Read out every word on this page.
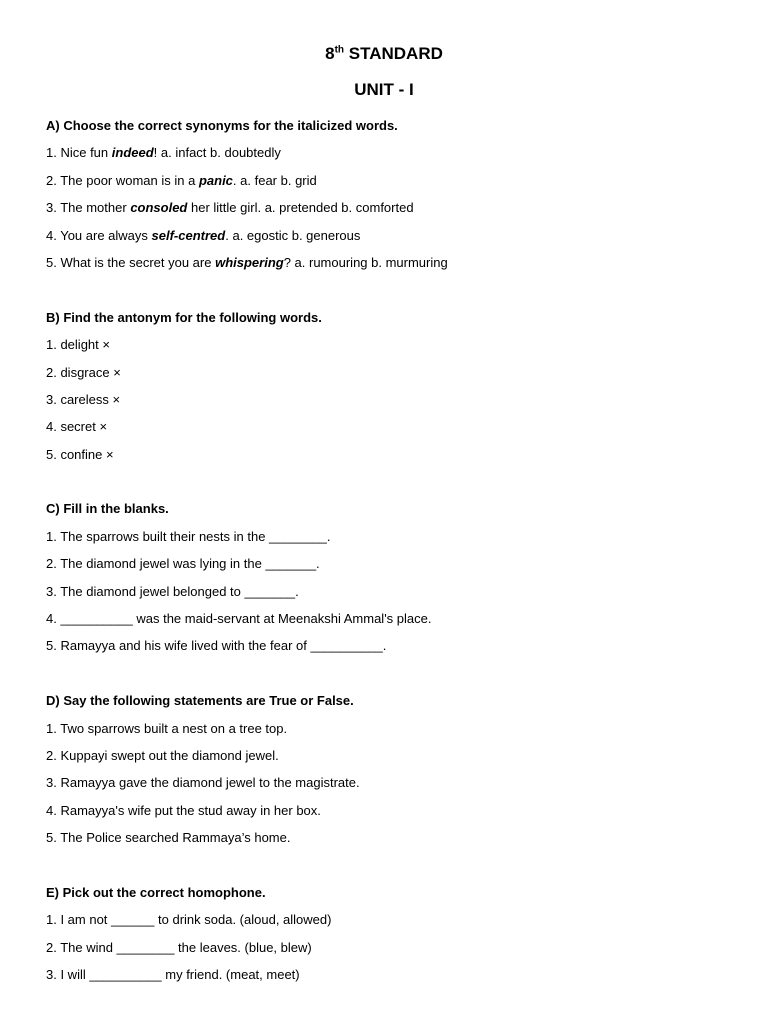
8th STANDARD
UNIT - I

A) Choose the correct synonyms for the italicized words.

1. Nice fun indeed! a. infact b. doubtedly

2. The poor woman is in a panic. a. fear b. grid

3. The mother consoled her little girl. a. pretended b. comforted

4. You are always self-centred. a. egostic b. generous

5. What is the secret you are whispering? a. rumouring b. murmuring

B) Find the antonym for the following words.

1. delight ×

2. disgrace ×

3. careless ×

4. secret ×

5. confine ×

C) Fill in the blanks.

1. The sparrows built their nests in the ________.

2. The diamond jewel was lying in the _______.

3. The diamond jewel belonged to _______.

4. __________ was the maid-servant at Meenakshi Ammal's place.

5. Ramayya and his wife lived with the fear of __________.

D) Say the following statements are True or False.

1. Two sparrows built a nest on a tree top.

2. Kuppayi swept out the diamond jewel.

3. Ramayya gave the diamond jewel to the magistrate.

4. Ramayya's wife put the stud away in her box.

5. The Police searched Rammaya’s home.

E) Pick out the correct homophone.

1. I am not ______ to drink soda. (aloud, allowed)

2. The wind ________ the leaves. (blue, blew)

3. I will __________ my friend. (meat, meet)
